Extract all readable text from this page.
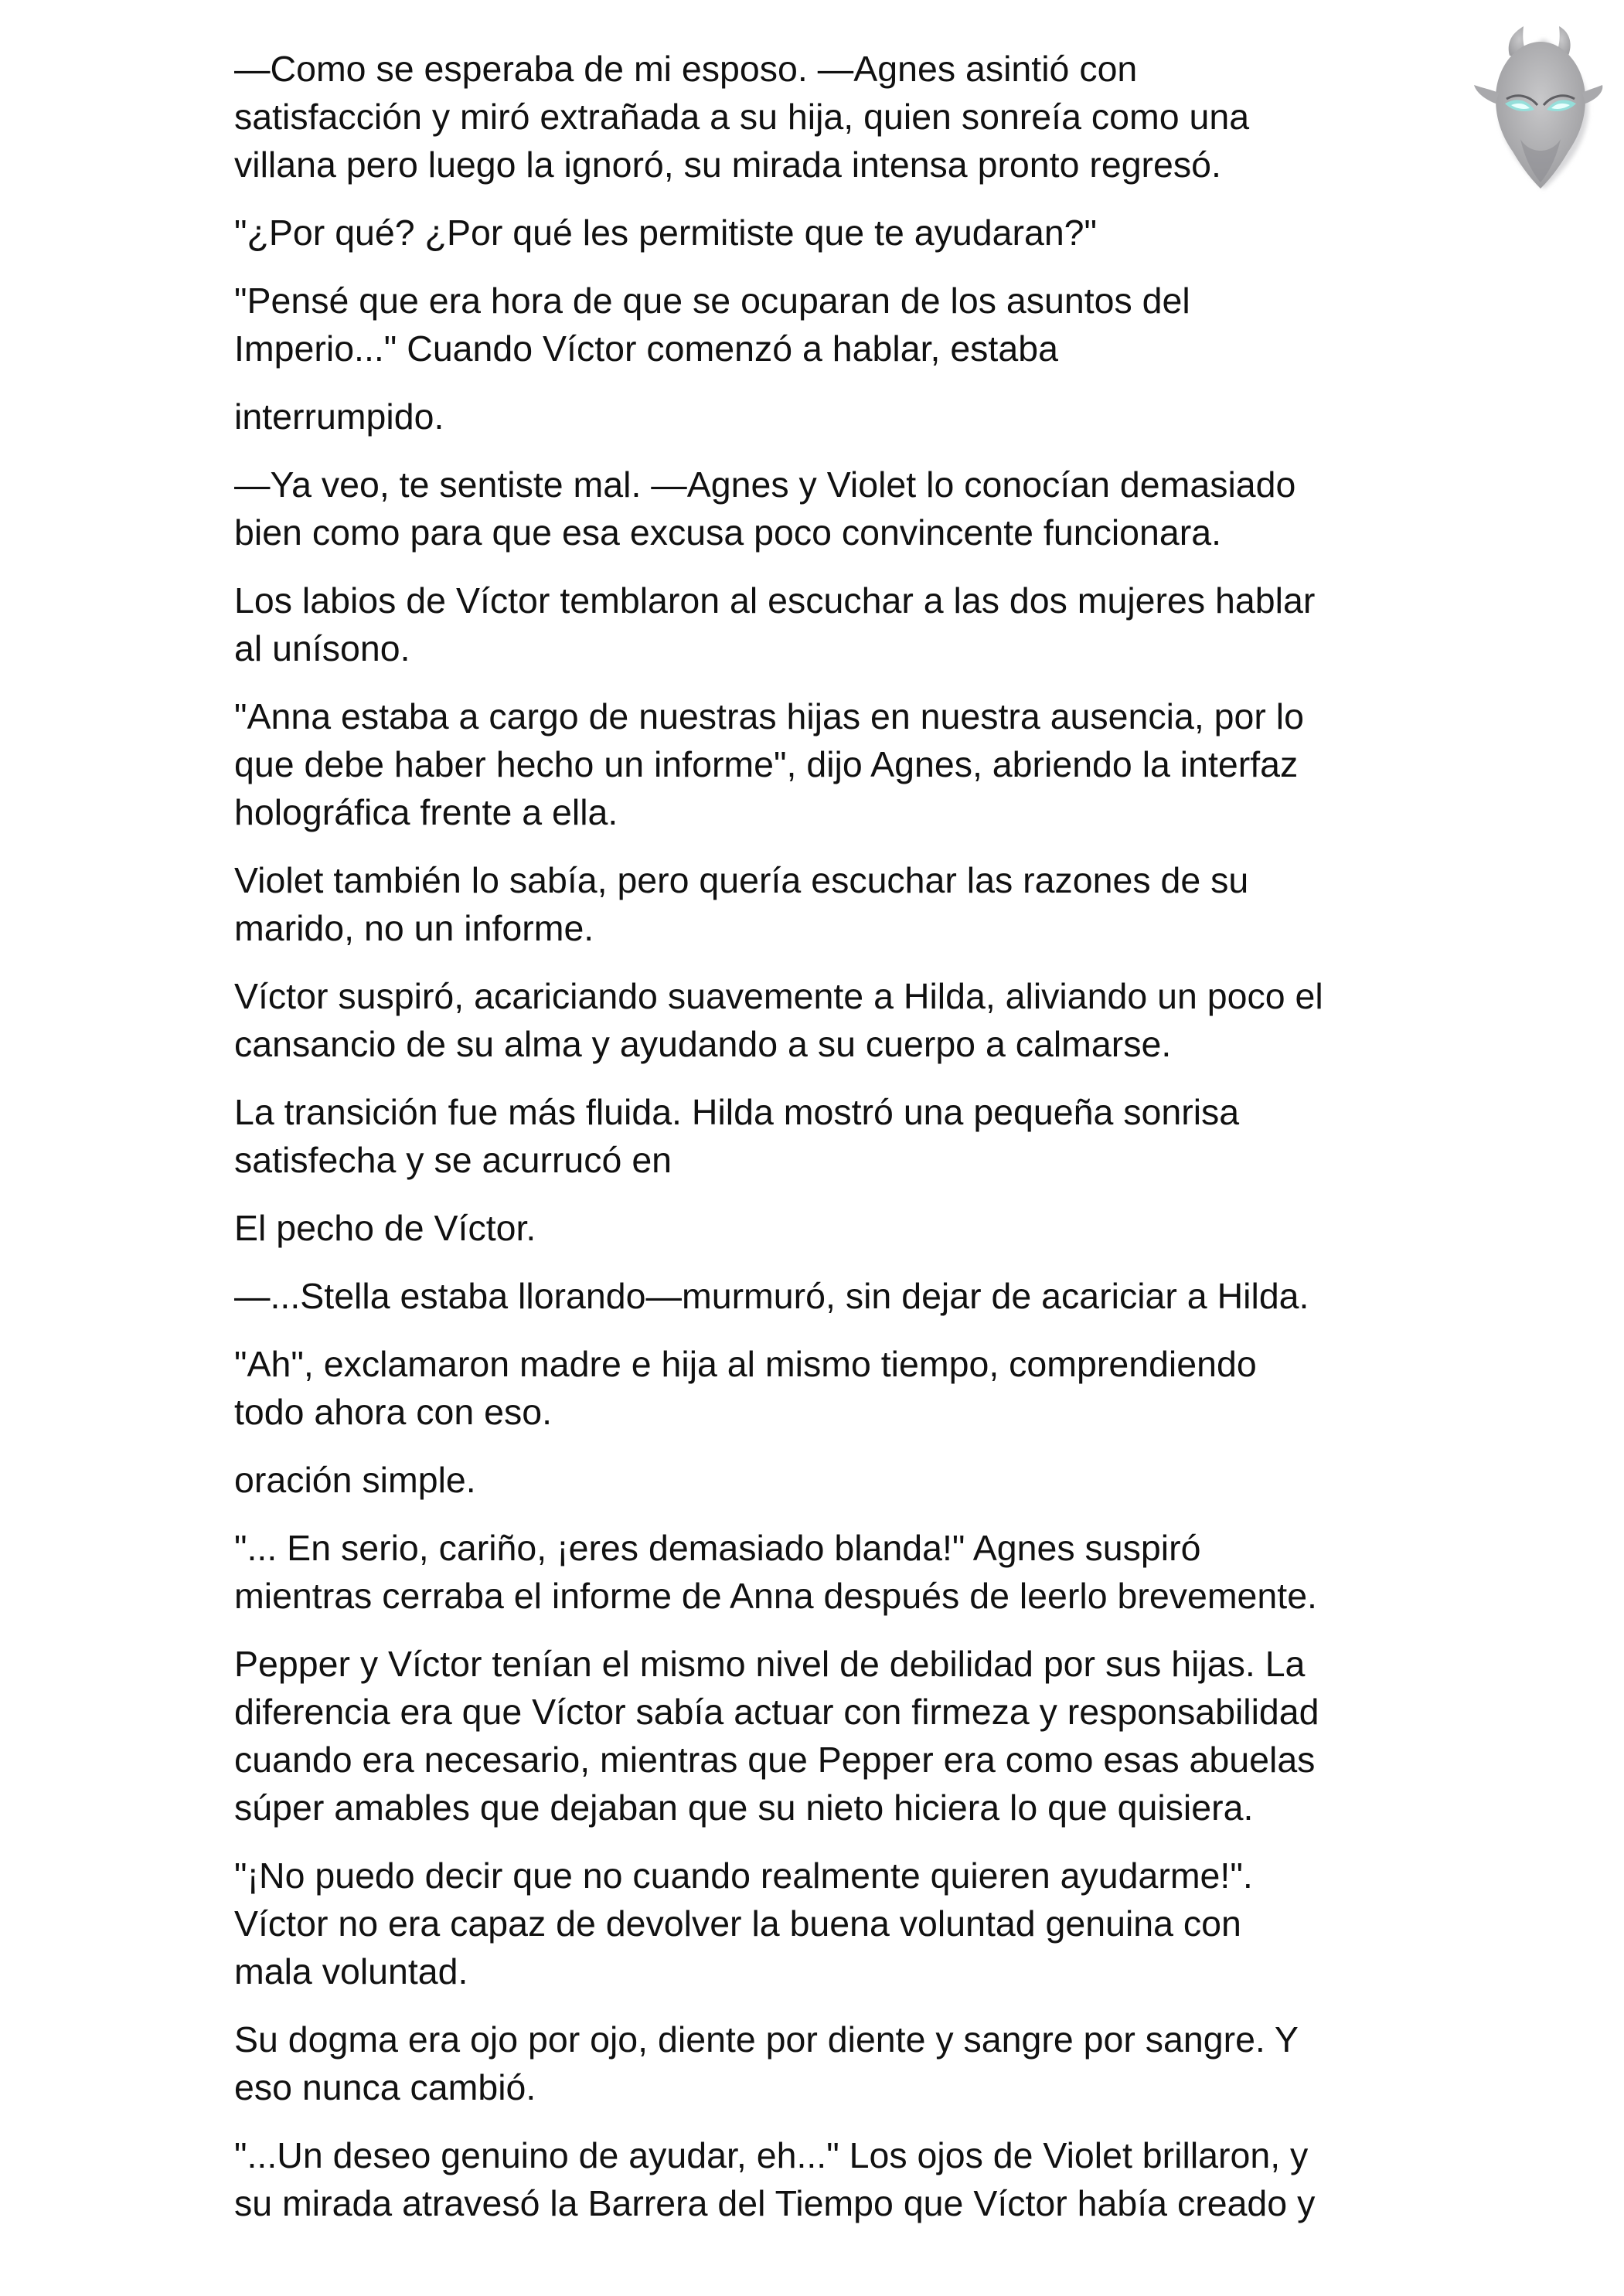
—Como se esperaba de mi esposo. —Agnes asintió con
satisfacción y miró extrañada a su hija, quien sonreía como una
villana pero luego la ignoró, su mirada intensa pronto regresó.

"¿Por qué? ¿Por qué les permitiste que te ayudaran?"

"Pensé que era hora de que se ocuparan de los asuntos del
Imperio..." Cuando Víctor comenzó a hablar, estaba

interrumpido.

—Ya veo, te sentiste mal. —Agnes y Violet lo conocían demasiado
bien como para que esa excusa poco convincente funcionara.

Los labios de Víctor temblaron al escuchar a las dos mujeres hablar
al unísono.

"Anna estaba a cargo de nuestras hijas en nuestra ausencia, por lo
que debe haber hecho un informe", dijo Agnes, abriendo la interfaz
holográfica frente a ella.

Violet también lo sabía, pero quería escuchar las razones de su
marido, no un informe.

Víctor suspiró, acariciando suavemente a Hilda, aliviando un poco el
cansancio de su alma y ayudando a su cuerpo a calmarse.

La transición fue más fluida. Hilda mostró una pequeña sonrisa
satisfecha y se acurrucó en

El pecho de Víctor.

—...Stella estaba llorando—murmuró, sin dejar de acariciar a Hilda.

"Ah", exclamaron madre e hija al mismo tiempo, comprendiendo
todo ahora con eso.

oración simple.

"... En serio, cariño, ¡eres demasiado blanda!" Agnes suspiró
mientras cerraba el informe de Anna después de leerlo brevemente.

Pepper y Víctor tenían el mismo nivel de debilidad por sus hijas. La
diferencia era que Víctor sabía actuar con firmeza y responsabilidad
cuando era necesario, mientras que Pepper era como esas abuelas
súper amables que dejaban que su nieto hiciera lo que quisiera.

"¡No puedo decir que no cuando realmente quieren ayudarme!".
Víctor no era capaz de devolver la buena voluntad genuina con
mala voluntad.

Su dogma era ojo por ojo, diente por diente y sangre por sangre. Y
eso nunca cambió.

"...Un deseo genuino de ayudar, eh..." Los ojos de Violet brillaron, y
su mirada atravesó la Barrera del Tiempo que Víctor había creado y
